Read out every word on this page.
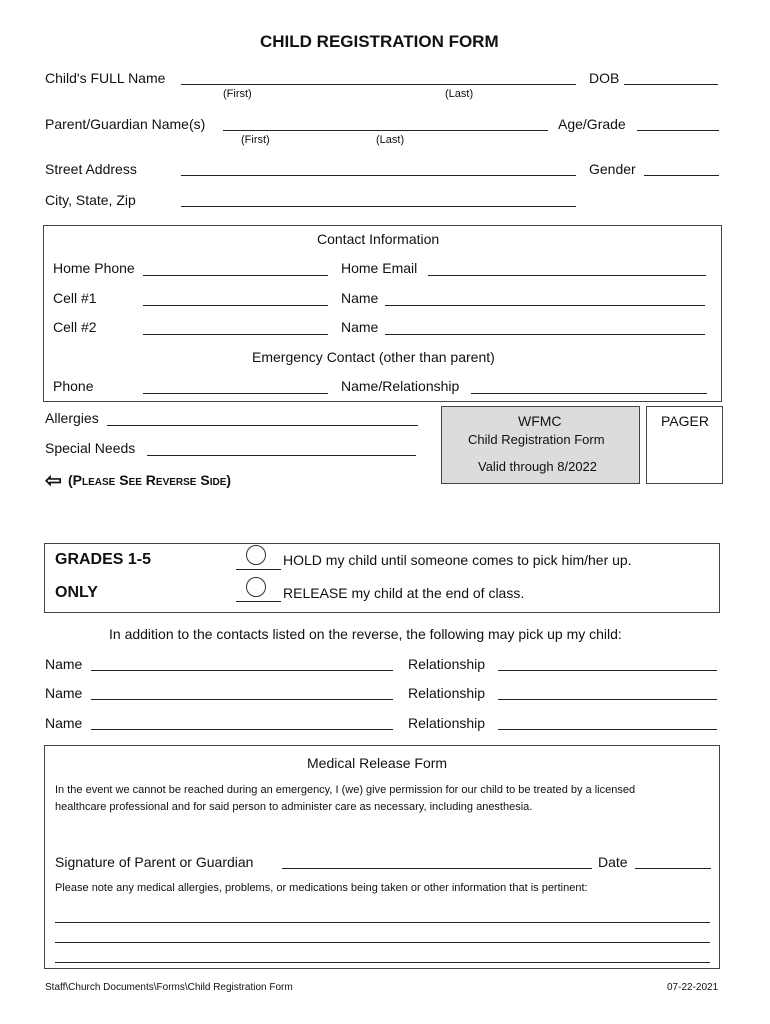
CHILD REGISTRATION FORM
Child's FULL Name	DOB
(First)	(Last)
Parent/Guardian Name(s)	Age/Grade
(First)	(Last)
Street Address	Gender
City, State, Zip
Contact Information
Home Phone	Home Email
Cell #1	Name
Cell #2	Name
Emergency Contact (other than parent)
Phone	Name/Relationship
Allergies
Special Needs
⇦ (Please See Reverse Side)
WFMC
Child Registration Form
Valid through 8/2022
PAGER
GRADES 1-5
ONLY
HOLD my child until someone comes to pick him/her up.
RELEASE my child at the end of class.
In addition to the contacts listed on the reverse, the following may pick up my child:
Name	Relationship
Name	Relationship
Name	Relationship
Medical Release Form
In the event we cannot be reached during an emergency, I (we) give permission for our child to be treated by a licensed
healthcare professional and for said person to administer care as necessary, including anesthesia.
Signature of Parent or Guardian	Date
Please note any medical allergies, problems, or medications being taken or other information that is pertinent:
Staff\Church Documents\Forms\Child Registration Form	07-22-2021
